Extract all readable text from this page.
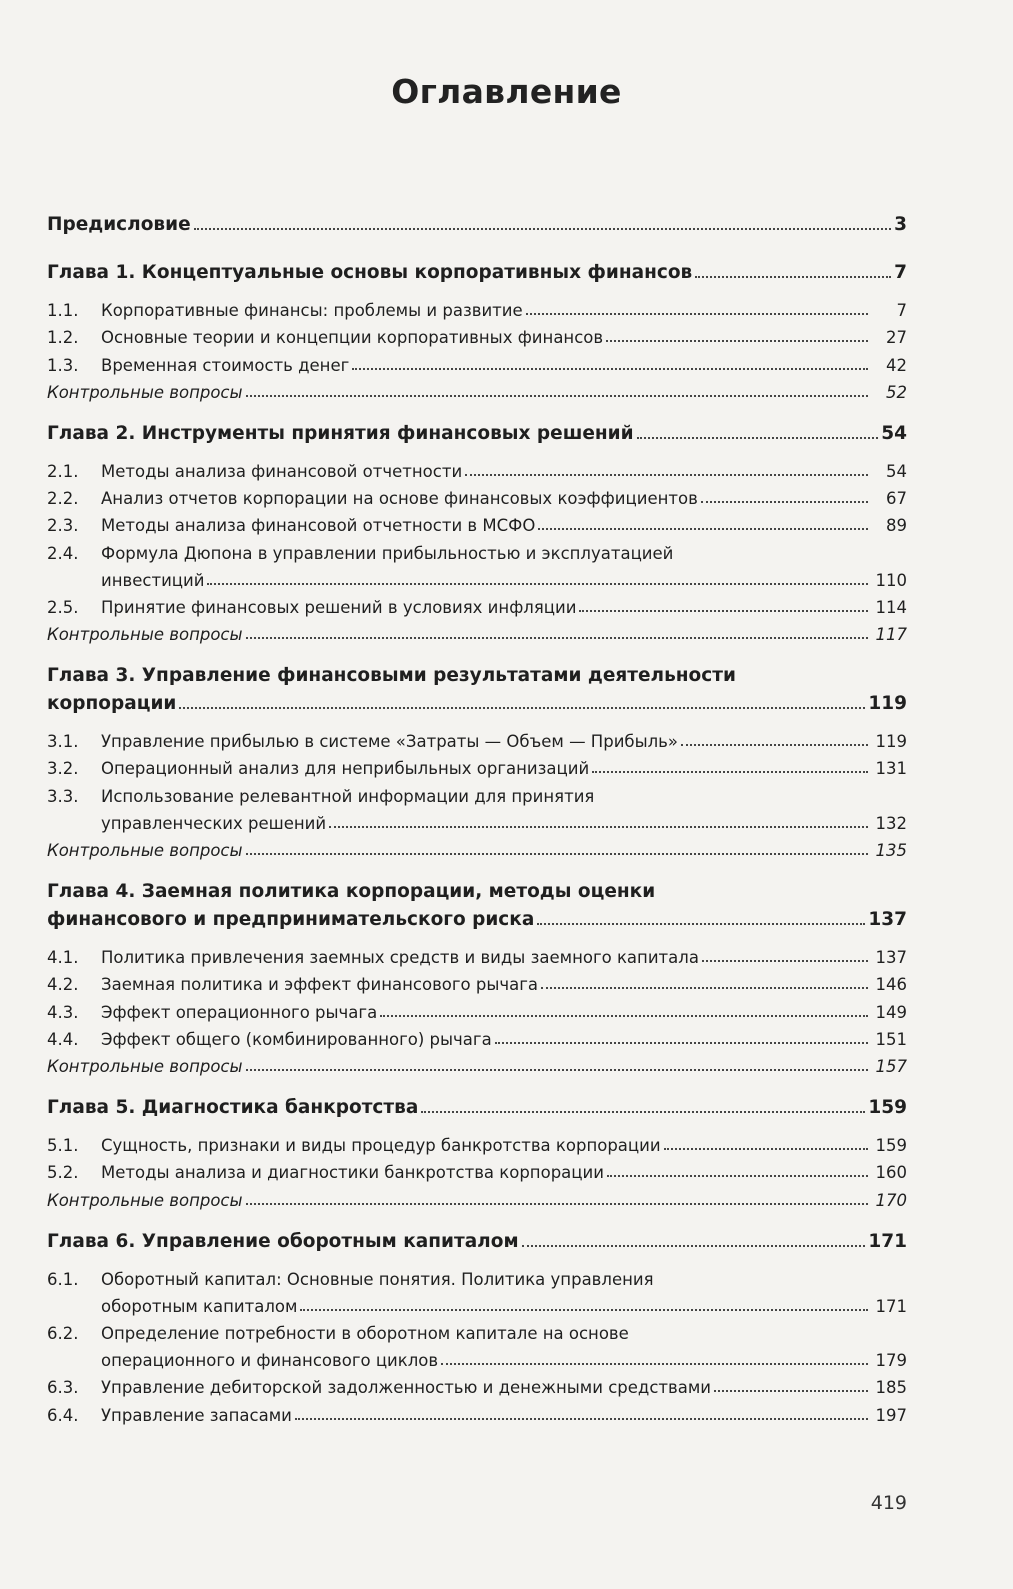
Оглавление
Предисловие	3
Глава 1. Концептуальные основы корпоративных финансов	7
1.1.	Корпоративные финансы: проблемы и развитие	7
1.2.	Основные теории и концепции корпоративных финансов	27
1.3.	Временная стоимость денег	42
Контрольные вопросы	52
Глава 2. Инструменты принятия финансовых решений	54
2.1.	Методы анализа финансовой отчетности	54
2.2.	Анализ отчетов корпорации на основе финансовых коэффициентов	67
2.3.	Методы анализа финансовой отчетности в МСФО	89
2.4.	Формула Дюпона в управлении прибыльностью и эксплуатацией
инвестиций	110
2.5.	Принятие финансовых решений в условиях инфляции	114
Контрольные вопросы	117
Глава 3. Управление финансовыми результатами деятельности
корпорации	119
3.1.	Управление прибылью в системе «Затраты — Объем — Прибыль»	119
3.2.	Операционный анализ для неприбыльных организаций	131
3.3.	Использование релевантной информации для принятия
управленческих решений	132
Контрольные вопросы	135
Глава 4. Заемная политика корпорации, методы оценки
финансового и предпринимательского риска	137
4.1.	Политика привлечения заемных средств и виды заемного капитала	137
4.2.	Заемная политика и эффект финансового рычага	146
4.3.	Эффект операционного рычага	149
4.4.	Эффект общего (комбинированного) рычага	151
Контрольные вопросы	157
Глава 5. Диагностика банкротства	159
5.1.	Сущность, признаки и виды процедур банкротства корпорации	159
5.2.	Методы анализа и диагностики банкротства корпорации	160
Контрольные вопросы	170
Глава 6. Управление оборотным капиталом	171
6.1.	Оборотный капитал: Основные понятия. Политика управления
оборотным капиталом	171
6.2.	Определение потребности в оборотном капитале на основе
операционного и финансового циклов	179
6.3.	Управление дебиторской задолженностью и денежными средствами	185
6.4.	Управление запасами	197
419
